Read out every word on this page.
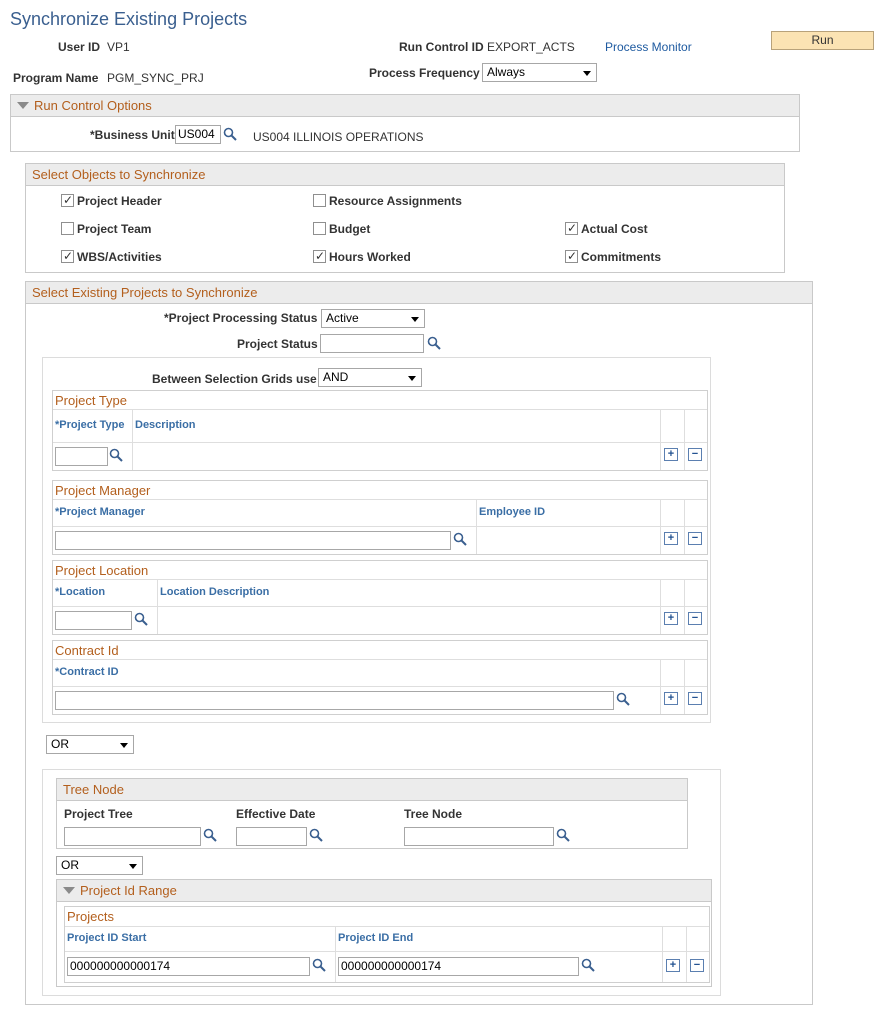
Synchronize Existing Projects
User ID VP1	Run Control ID EXPORT_ACTS	Process Monitor	Run
Program Name PGM_SYNC_PRJ	Process Frequency Always
Run Control Options
*Business Unit US004	US004 ILLINOIS OPERATIONS
Select Objects to Synchronize
✓ Project Header	Resource Assignments
Project Team	Budget	✓ Actual Cost
✓ WBS/Activities	✓ Hours Worked	✓ Commitments
Select Existing Projects to Synchronize
*Project Processing Status Active
Project Status
Between Selection Grids use AND
Project Type
*Project Type Description
+	−
Project Manager
*Project Manager	Employee ID
+	−
Project Location
*Location	Location Description
+	−
Contract Id
*Contract ID
+	−
OR
Tree Node
Project Tree	Effective Date	Tree Node
OR
Project Id Range
Projects
Project ID Start	Project ID End
000000000000174	000000000000174	+	−
